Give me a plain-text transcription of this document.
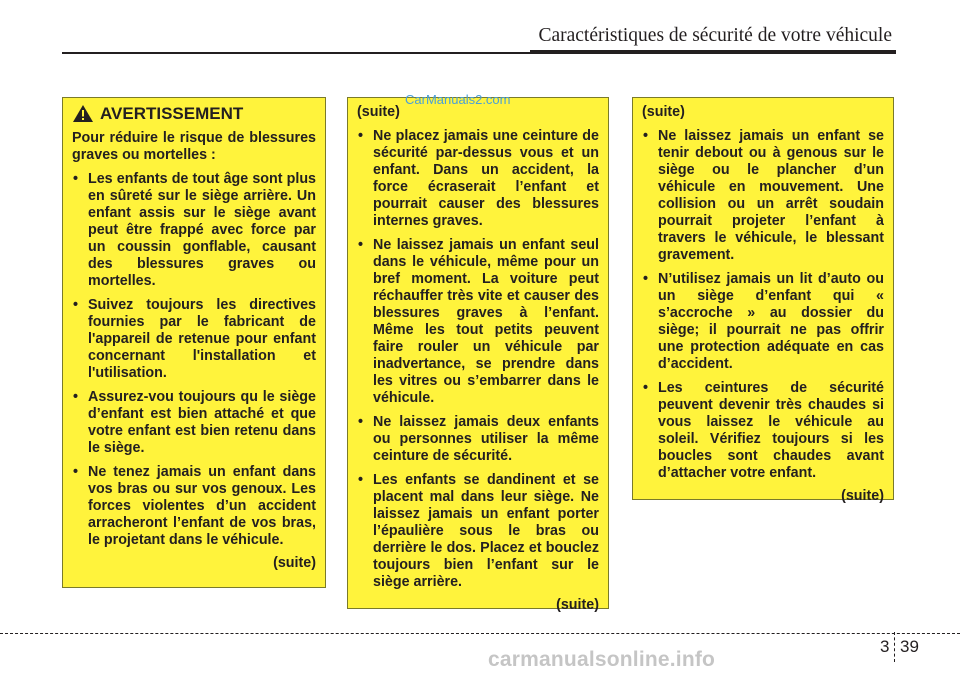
Caractéristiques de sécurité de votre véhicule
AVERTISSEMENT

Pour réduire le risque de blessures graves ou mortelles :

• Les enfants de tout âge sont plus en sûreté sur le siège arrière. Un enfant assis sur le siège avant peut être frappé avec force par un coussin gonflable, causant des blessures graves ou mortelles.
• Suivez toujours les directives fournies par le fabricant de l'appareil de retenue pour enfant concernant l'installation et l'utilisation.
• Assurez-vou toujours qu le siège d’enfant est bien attaché et que votre enfant est bien retenu dans le siège.
• Ne tenez jamais un enfant dans vos bras ou sur vos genoux. Les forces violentes d’un accident arracheront l’enfant de vos bras, le projetant dans le véhicule.

(suite)

(suite)

• Ne placez jamais une ceinture de sécurité par-dessus vous et un enfant. Dans un accident, la force écraserait l’enfant et pourrait causer des blessures internes graves.
• Ne laissez jamais un enfant seul dans le véhicule, même pour un bref moment. La voiture peut réchauffer très vite et causer des blessures graves à l’enfant. Même les tout petits peuvent faire rouler un véhicule par inadvertance, se prendre dans les vitres ou s’embarrer dans le véhicule.
• Ne laissez jamais deux enfants ou personnes utiliser la même ceinture de sécurité.
• Les enfants se dandinent et se placent mal dans leur siège. Ne laissez jamais un enfant porter l’épaulière sous le bras ou derrière le dos. Placez et bouclez toujours bien l’enfant sur le siège arrière.

(suite)

(suite)

• Ne laissez jamais un enfant se tenir debout ou à genous sur le siège ou le plancher d’un véhicule en mouvement. Une collision ou un arrêt soudain pourrait projeter l’enfant à travers le véhicule, le blessant gravement.
• N’utilisez jamais un lit d’auto ou un siège d’enfant qui « s’accroche » au dossier du siège; il pourrait ne pas offrir une protection adéquate en cas d’accident.
• Les ceintures de sécurité peuvent devenir très chaudes si vous laissez le véhicule au soleil. Vérifiez toujours si les boucles sont chaudes avant d’attacher votre enfant.

(suite)

CarManuals2.com
3 39
carmanualsonline.info
